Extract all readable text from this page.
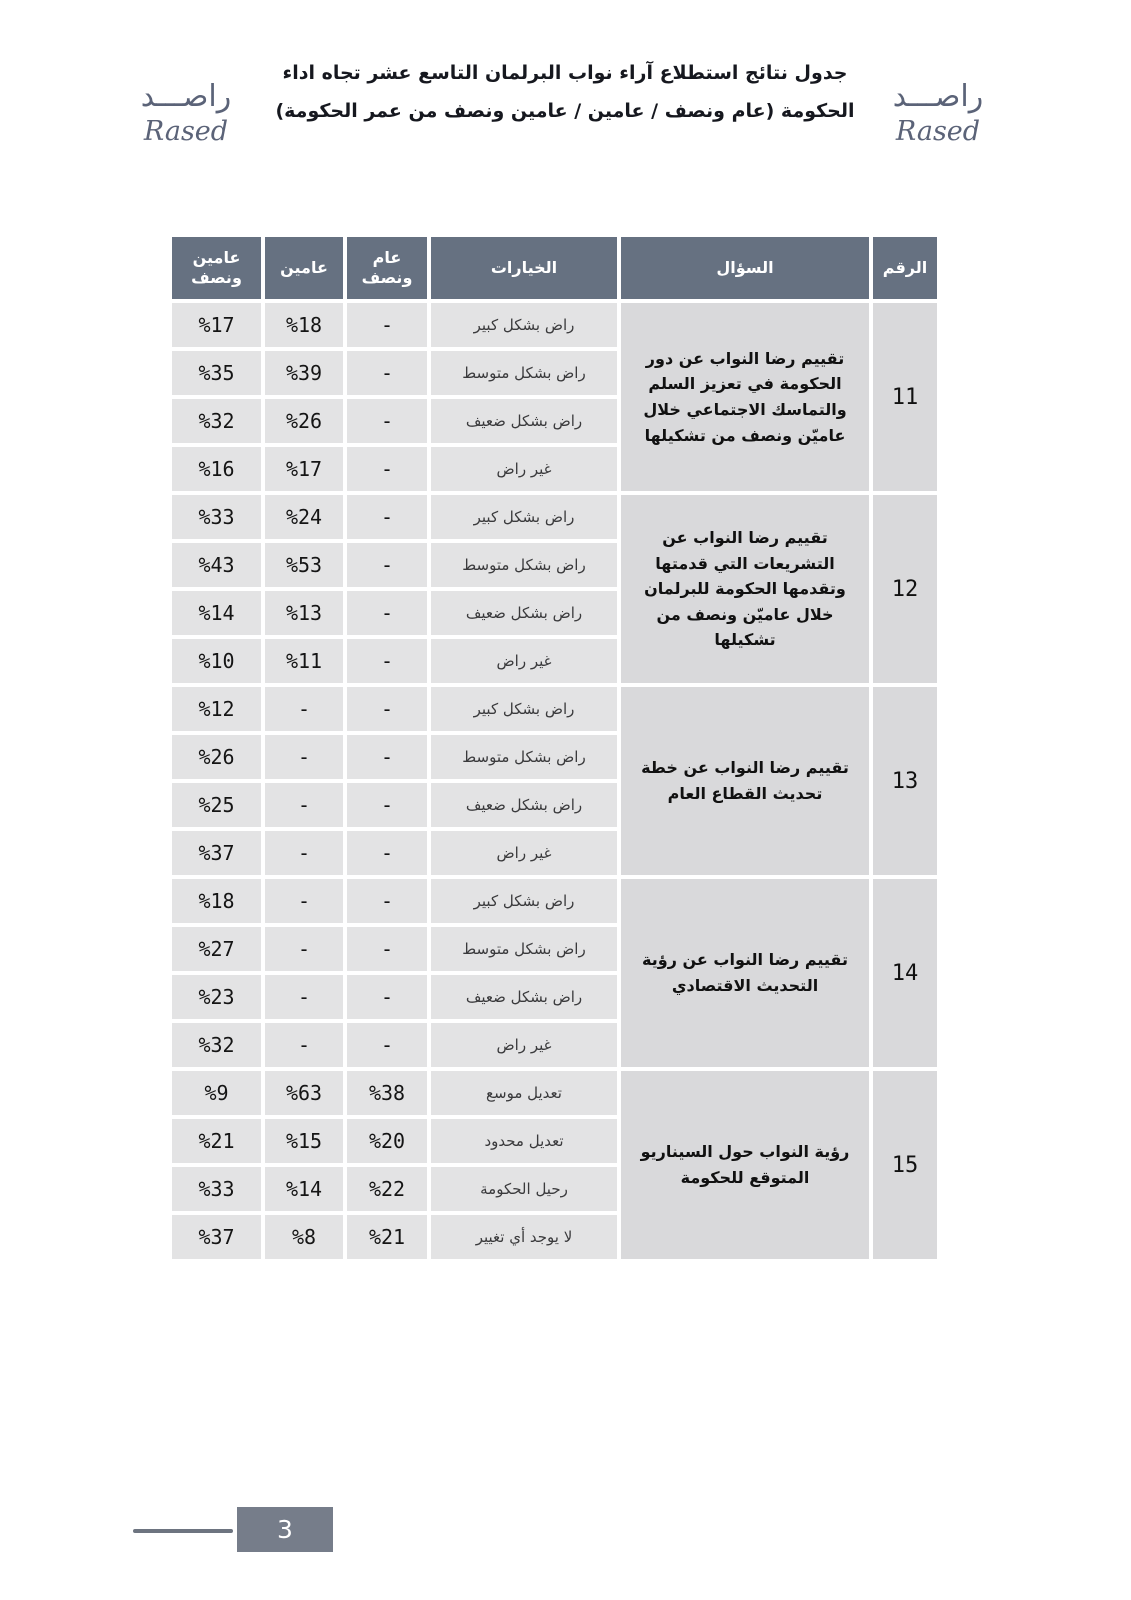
راصـــد
Rased
جدول نتائج استطلاع آراء نواب البرلمان التاسع عشر تجاه اداء
الحكومة (عام ونصف / عامين / عامين ونصف من عمر الحكومة)	راصـــد
Rased
الرقم	السؤال	الخيارات	عام ونصف	عامين	عامين ونصف
11	تقييم رضا النواب عن دور الحكومة في تعزيز السلم والتماسك الاجتماعي خلال عاميّن ونصف من تشكيلها	راض بشكل كبير	-	%18	%17
		راض بشكل متوسط	-	%39	%35
		راض بشكل ضعيف	-	%26	%32
		غير راض	-	%17	%16
12	تقييم رضا النواب عن التشريعات التي قدمتها وتقدمها الحكومة للبرلمان خلال عاميّن ونصف من تشكيلها	راض بشكل كبير	-	%24	%33
		راض بشكل متوسط	-	%53	%43
		راض بشكل ضعيف	-	%13	%14
		غير راض	-	%11	%10
13	تقييم رضا النواب عن خطة تحديث القطاع العام	راض بشكل كبير	-	-	%12
		راض بشكل متوسط	-	-	%26
		راض بشكل ضعيف	-	-	%25
		غير راض	-	-	%37
14	تقييم رضا النواب عن رؤية التحديث الاقتصادي	راض بشكل كبير	-	-	%18
		راض بشكل متوسط	-	-	%27
		راض بشكل ضعيف	-	-	%23
		غير راض	-	-	%32
15	رؤية النواب حول السيناريو المتوقع للحكومة	تعديل موسع	%38	%63	%9
		تعديل محدود	%20	%15	%21
		رحيل الحكومة	%22	%14	%33
		لا يوجد أي تغيير	%21	%8	%37
3
